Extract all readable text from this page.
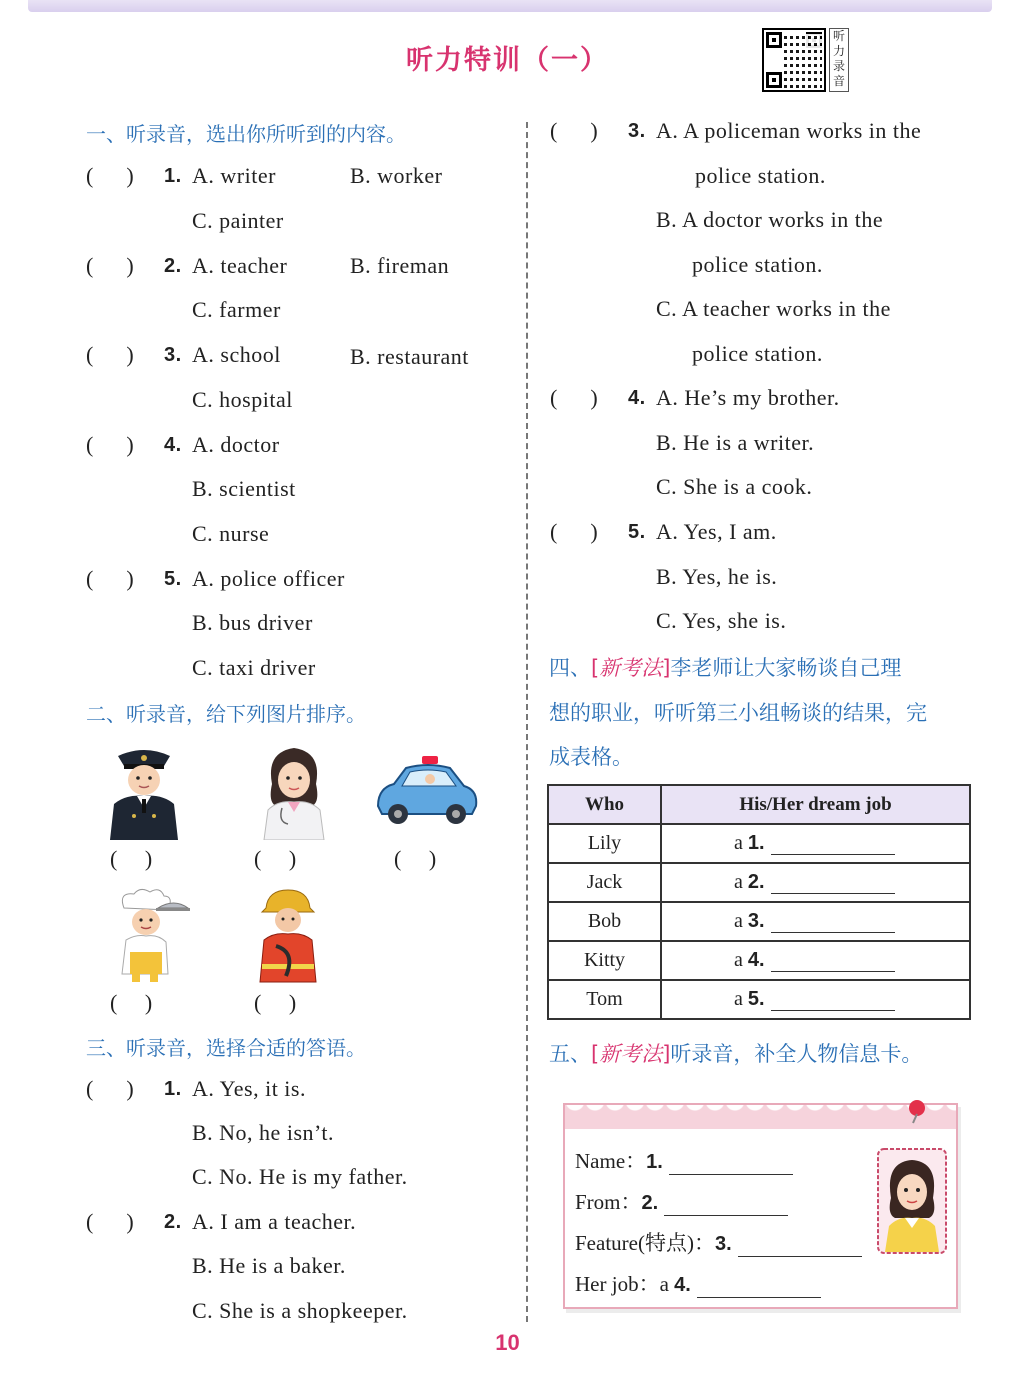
听力特训（一）
听力录音
一、听录音，选出你所听到的内容。
(      ) 1. A. writer	B. worker
C. painter
(      ) 2. A. teacher	B. fireman
C. farmer
(      ) 3. A. school	B. restaurant
C. hospital
(      ) 4. A. doctor
B. scientist
C. nurse
(      ) 5. A. police officer
B. bus driver
C. taxi driver
二、听录音，给下列图片排序。
(     )	(     )	(     )
(     )	(     )
三、听录音，选择合适的答语。
(      ) 1. A. Yes, it is.
B. No, he isn’t.
C. No. He is my father.
(      ) 2. A. I am a teacher.
B. He is a baker.
C. She is a shopkeeper.
(      ) 3. A. A policeman works in the
police station.
B. A doctor works in the
police station.
C. A teacher works in the
police station.
(      ) 4. A. He’s my brother.
B. He is a writer.
C. She is a cook.
(      ) 5. A. Yes, I am.
B. Yes, he is.
C. Yes, she is.
四、[新考法]李老师让大家畅谈自己理
想的职业，听听第三小组畅谈的结果，完
成表格。
Who	His/Her dream job
Lily	a 1.
Jack	a 2.
Bob	a 3.
Kitty	a 4.
Tom	a 5.
五、[新考法]听录音，补全人物信息卡。
Name：1.
From：2.
Feature(特点)：3.
Her job：a 4.
10
